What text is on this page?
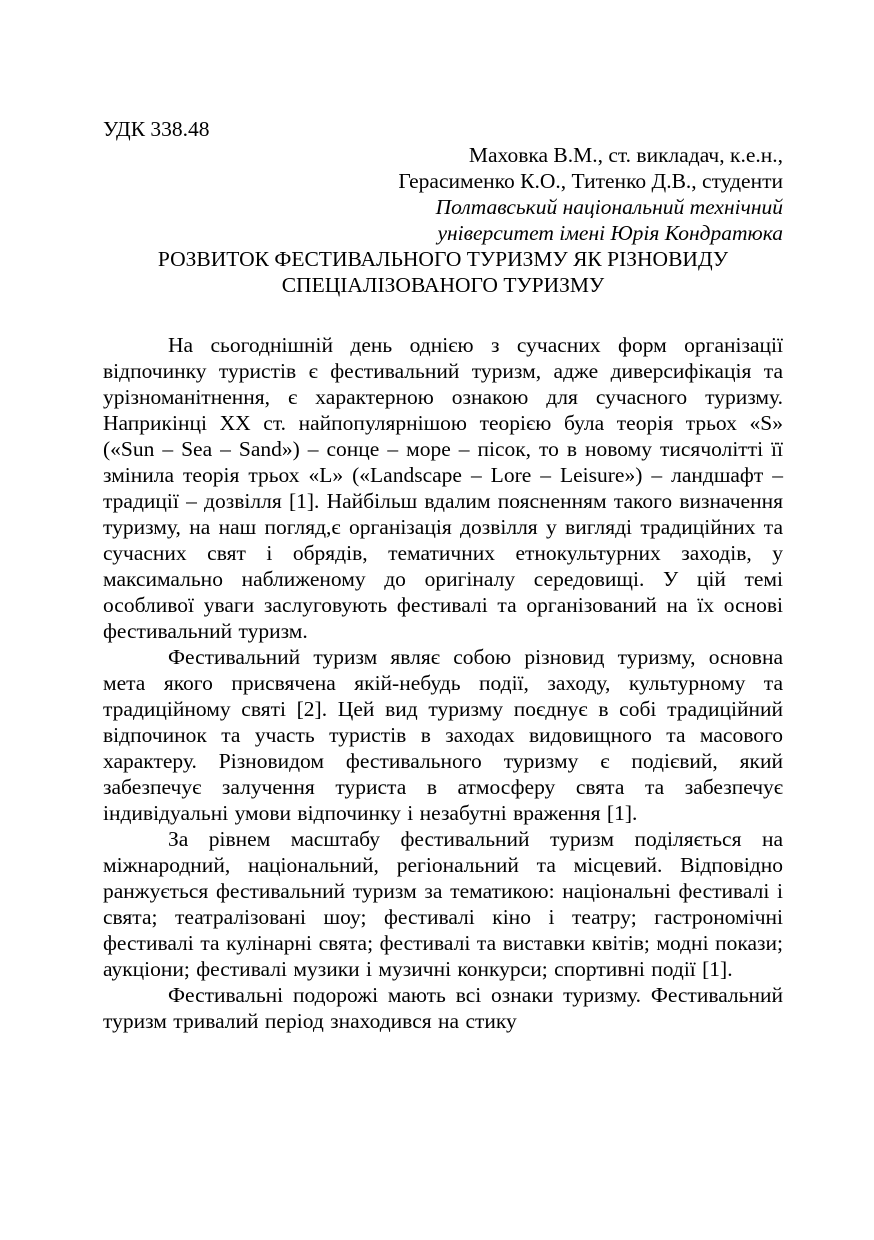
УДК 338.48
Маховка В.М., ст. викладач, к.е.н.,
Герасименко К.О., Титенко Д.В., студенти
Полтавський національний технічний
університет імені Юрія Кондратюка
РОЗВИТОК ФЕСТИВАЛЬНОГО ТУРИЗМУ ЯК РІЗНОВИДУ
СПЕЦІАЛІЗОВАНОГО ТУРИЗМУ

На сьогоднішній день однією з сучасних форм організації відпочинку туристів є фестивальний туризм, адже диверсифікація та урізноманітнення, є характерною ознакою для сучасного туризму. Наприкінці ХХ ст. найпопулярнішою теорією була теорія трьох «S» («Sun – Sea – Sand») – сонце – море – пісок, то в новому тисячолітті її змінила теорія трьох «L» («Landscape – Lore – Leisure») – ландшафт – традиції – дозвілля [1]. Найбільш вдалим поясненням такого визначення туризму, на наш погляд,є організація дозвілля у вигляді традиційних та сучасних свят і обрядів, тематичних етнокультурних заходів, у максимально наближеному до оригіналу середовищі. У цій темі особливої уваги заслуговують фестивалі та організований на їх основі фестивальний туризм.

Фестивальний туризм являє собою різновид туризму, основна мета якого присвячена якій-небудь події, заходу, культурному та традиційному святі [2]. Цей вид туризму поєднує в собі традиційний відпочинок та участь туристів в заходах видовищного та масового характеру. Різновидом фестивального туризму є подієвий, який забезпечує залучення туриста в атмосферу свята та забезпечує індивідуальні умови відпочинку і незабутні враження [1].

За рівнем масштабу фестивальний туризм поділяється на міжнародний, національний, регіональний та місцевий. Відповідно ранжується фестивальний туризм за тематикою: національні фестивалі і свята; театралізовані шоу; фестивалі кіно і театру; гастрономічні фестивалі та кулінарні свята; фестивалі та виставки квітів; модні покази; аукціони; фестивалі музики і музичні конкурси; спортивні події [1].

Фестивальні подорожі мають всі ознаки туризму. Фестивальний туризм тривалий період знаходився на стику
